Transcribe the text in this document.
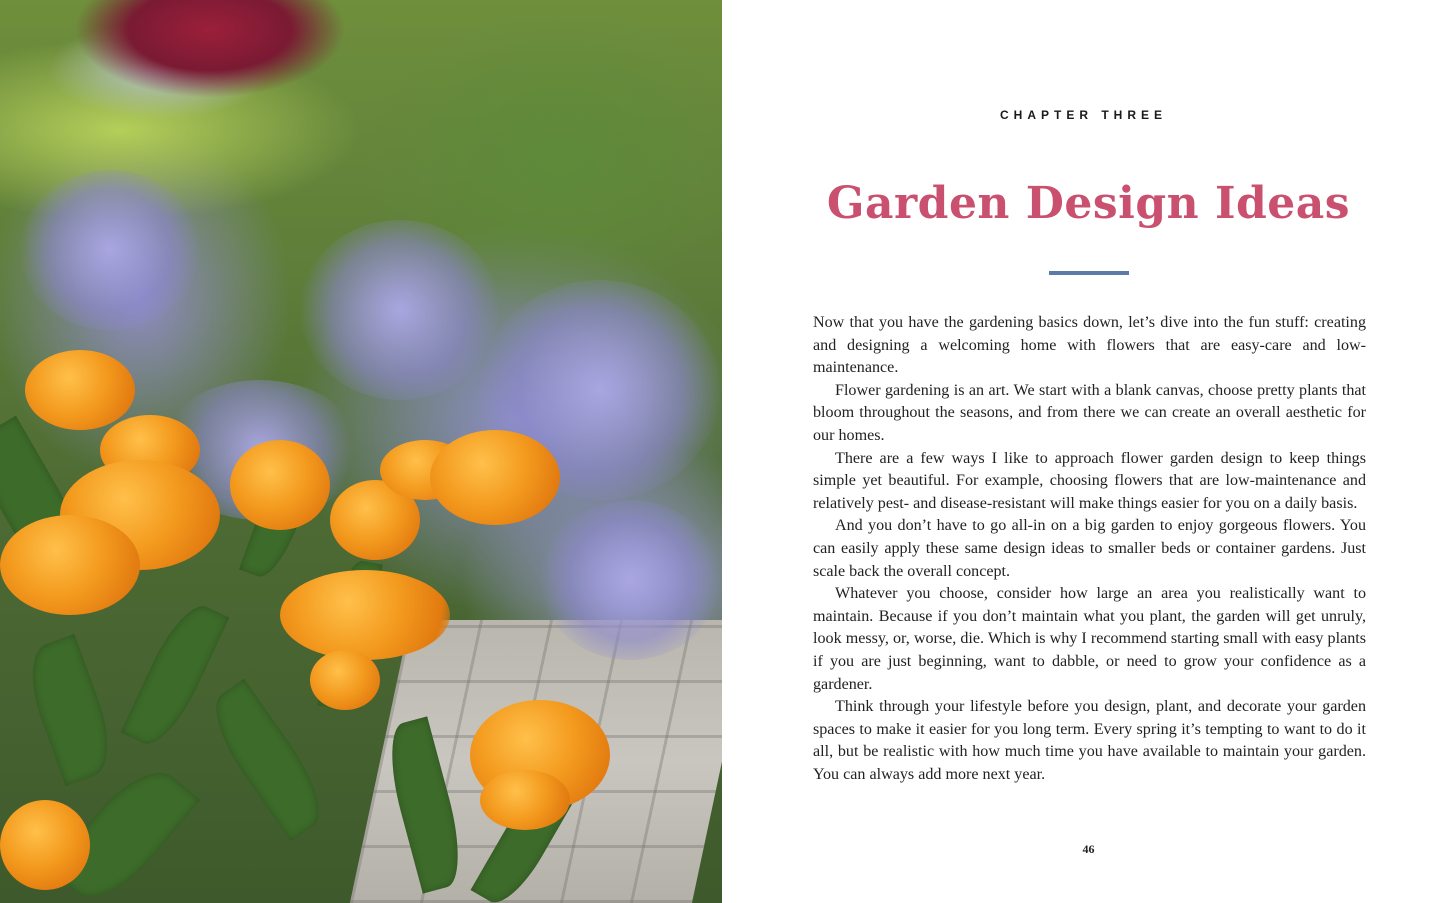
CHAPTER THREE
Garden Design Ideas

Now that you have the gardening basics down, let’s dive into the fun stuff: creating and designing a welcoming home with flowers that are easy-care and low-maintenance.

Flower gardening is an art. We start with a blank canvas, choose pretty plants that bloom throughout the seasons, and from there we can create an overall aesthetic for our homes.

There are a few ways I like to approach flower garden design to keep things simple yet beautiful. For example, choosing flowers that are low-maintenance and relatively pest- and disease-resistant will make things easier for you on a daily basis.

And you don’t have to go all-in on a big garden to enjoy gorgeous flowers. You can easily apply these same design ideas to smaller beds or container gardens. Just scale back the overall concept.

Whatever you choose, consider how large an area you realistically want to maintain. Because if you don’t maintain what you plant, the garden will get unruly, look messy, or, worse, die. Which is why I recommend starting small with easy plants if you are just beginning, want to dabble, or need to grow your confidence as a gardener.

Think through your lifestyle before you design, plant, and decorate your garden spaces to make it easier for you long term. Every spring it’s tempting to want to do it all, but be realistic with how much time you have available to maintain your garden. You can always add more next year.

46
